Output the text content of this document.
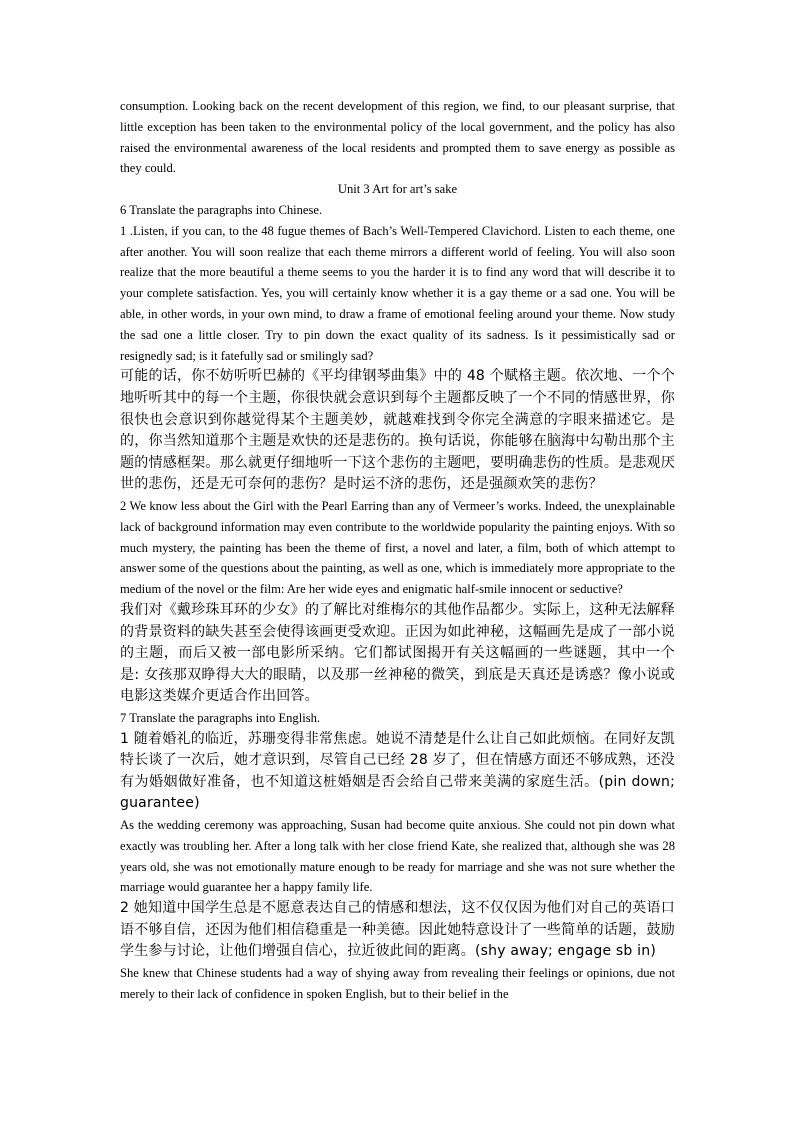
consumption. Looking back on the recent development of this region, we find, to our pleasant surprise, that little exception has been taken to the environmental policy of the local government, and the policy has also raised the environmental awareness of the local residents and prompted them to save energy as possible as they could.

Unit 3 Art for art’s sake

6 Translate the paragraphs into Chinese.

1 .Listen, if you can, to the 48 fugue themes of Bach’s Well-Tempered Clavichord. Listen to each theme, one after another. You will soon realize that each theme mirrors a different world of feeling. You will also soon realize that the more beautiful a theme seems to you the harder it is to find any word that will describe it to your complete satisfaction. Yes, you will certainly know whether it is a gay theme or a sad one. You will be able, in other words, in your own mind, to draw a frame of emotional feeling around your theme. Now study the sad one a little closer. Try to pin down the exact quality of its sadness. Is it pessimistically sad or resignedly sad; is it fatefully sad or smilingly sad?

可能的话，你不妨听听巴赫的《平均律钢琴曲集》中的 48 个赋格主题。依次地、一个个地听听其中的每一个主题，你很快就会意识到每个主题都反映了一个不同的情感世界，你很快也会意识到你越觉得某个主题美妙，就越难找到令你完全满意的字眼来描述它。是的，你当然知道那个主题是欢快的还是悲伤的。换句话说，你能够在脑海中勾勒出那个主题的情感框架。那么就更仔细地听一下这个悲伤的主题吧，要明确悲伤的性质。是悲观厌世的悲伤，还是无可奈何的悲伤？是时运不济的悲伤，还是强颜欢笑的悲伤？

2 We know less about the Girl with the Pearl Earring than any of Vermeer’s works. Indeed, the unexplainable lack of background information may even contribute to the worldwide popularity the painting enjoys. With so much mystery, the painting has been the theme of first, a novel and later, a film, both of which attempt to answer some of the questions about the painting, as well as one, which is immediately more appropriate to the medium of the novel or the film: Are her wide eyes and enigmatic half-smile innocent or seductive?

我们对《戴珍珠耳环的少女》的了解比对维梅尔的其他作品都少。实际上，这种无法解释的背景资料的缺失甚至会使得该画更受欢迎。正因为如此神秘，这幅画先是成了一部小说的主题，而后又被一部电影所采纳。它们都试图揭开有关这幅画的一些谜题，其中一个是: 女孩那双睁得大大的眼睛，以及那一丝神秘的微笑，到底是天真还是诱惑？像小说或电影这类媒介更适合作出回答。

7 Translate the paragraphs into English.

1 随着婚礼的临近，苏珊变得非常焦虑。她说不清楚是什么让自己如此烦恼。在同好友凯特长谈了一次后，她才意识到，尽管自己已经 28 岁了，但在情感方面还不够成熟，还没有为婚姻做好准备，也不知道这桩婚姻是否会给自己带来美满的家庭生活。(pin down; guarantee)

As the wedding ceremony was approaching, Susan had become quite anxious. She could not pin down what exactly was troubling her. After a long talk with her close friend Kate, she realized that, although she was 28 years old, she was not emotionally mature enough to be ready for marriage and she was not sure whether the marriage would guarantee her a happy family life.

2 她知道中国学生总是不愿意表达自己的情感和想法，这不仅仅因为他们对自己的英语口语不够自信，还因为他们相信稳重是一种美德。因此她特意设计了一些简单的话题，鼓励学生参与讨论，让他们增强自信心，拉近彼此间的距离。(shy away; engage sb in)

She knew that Chinese students had a way of shying away from revealing their feelings or opinions, due not merely to their lack of confidence in spoken English, but to their belief in the
